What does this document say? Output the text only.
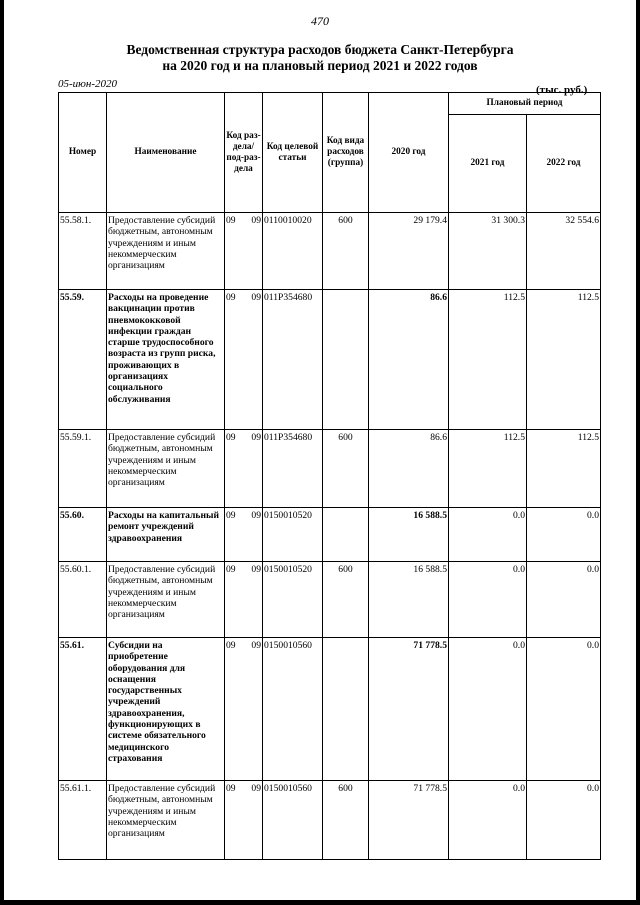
470
Ведомственная структура расходов бюджета Санкт-Петербурга
на 2020 год и на плановый период 2021 и 2022 годов
05-июн-2020	(тыс. руб.)
Номер	Наименование	Код раз-дела/ под-раз-дела	Код целевой статьи	Код вида расходов (группа)	2020 год	Плановый период	
						2021 год	2022 год
55.58.1.	Предоставление субсидий бюджетным, автономным учреждениям и иным некоммерческим организациям	09 09	0110010020	600	29 179.4	31 300.3	32 554.6
55.59.	Расходы на проведение вакцинации против пневмококковой инфекции граждан старше трудоспособного возраста из групп риска, проживающих в организациях социального обслуживания	09 09	011P354680		86.6	112.5	112.5
55.59.1.	Предоставление субсидий бюджетным, автономным учреждениям и иным некоммерческим организациям	09 09	011P354680	600	86.6	112.5	112.5
55.60.	Расходы на капитальный ремонт учреждений здравоохранения	09 09	0150010520		16 588.5	0.0	0.0
55.60.1.	Предоставление субсидий бюджетным, автономным учреждениям и иным некоммерческим организациям	09 09	0150010520	600	16 588.5	0.0	0.0
55.61.	Субсидии на приобретение оборудования для оснащения государственных учреждений здравоохранения, функционирующих в системе обязательного медицинского страхования	09 09	0150010560		71 778.5	0.0	0.0
55.61.1.	Предоставление субсидий бюджетным, автономным учреждениям и иным некоммерческим организациям	09 09	0150010560	600	71 778.5	0.0	0.0
